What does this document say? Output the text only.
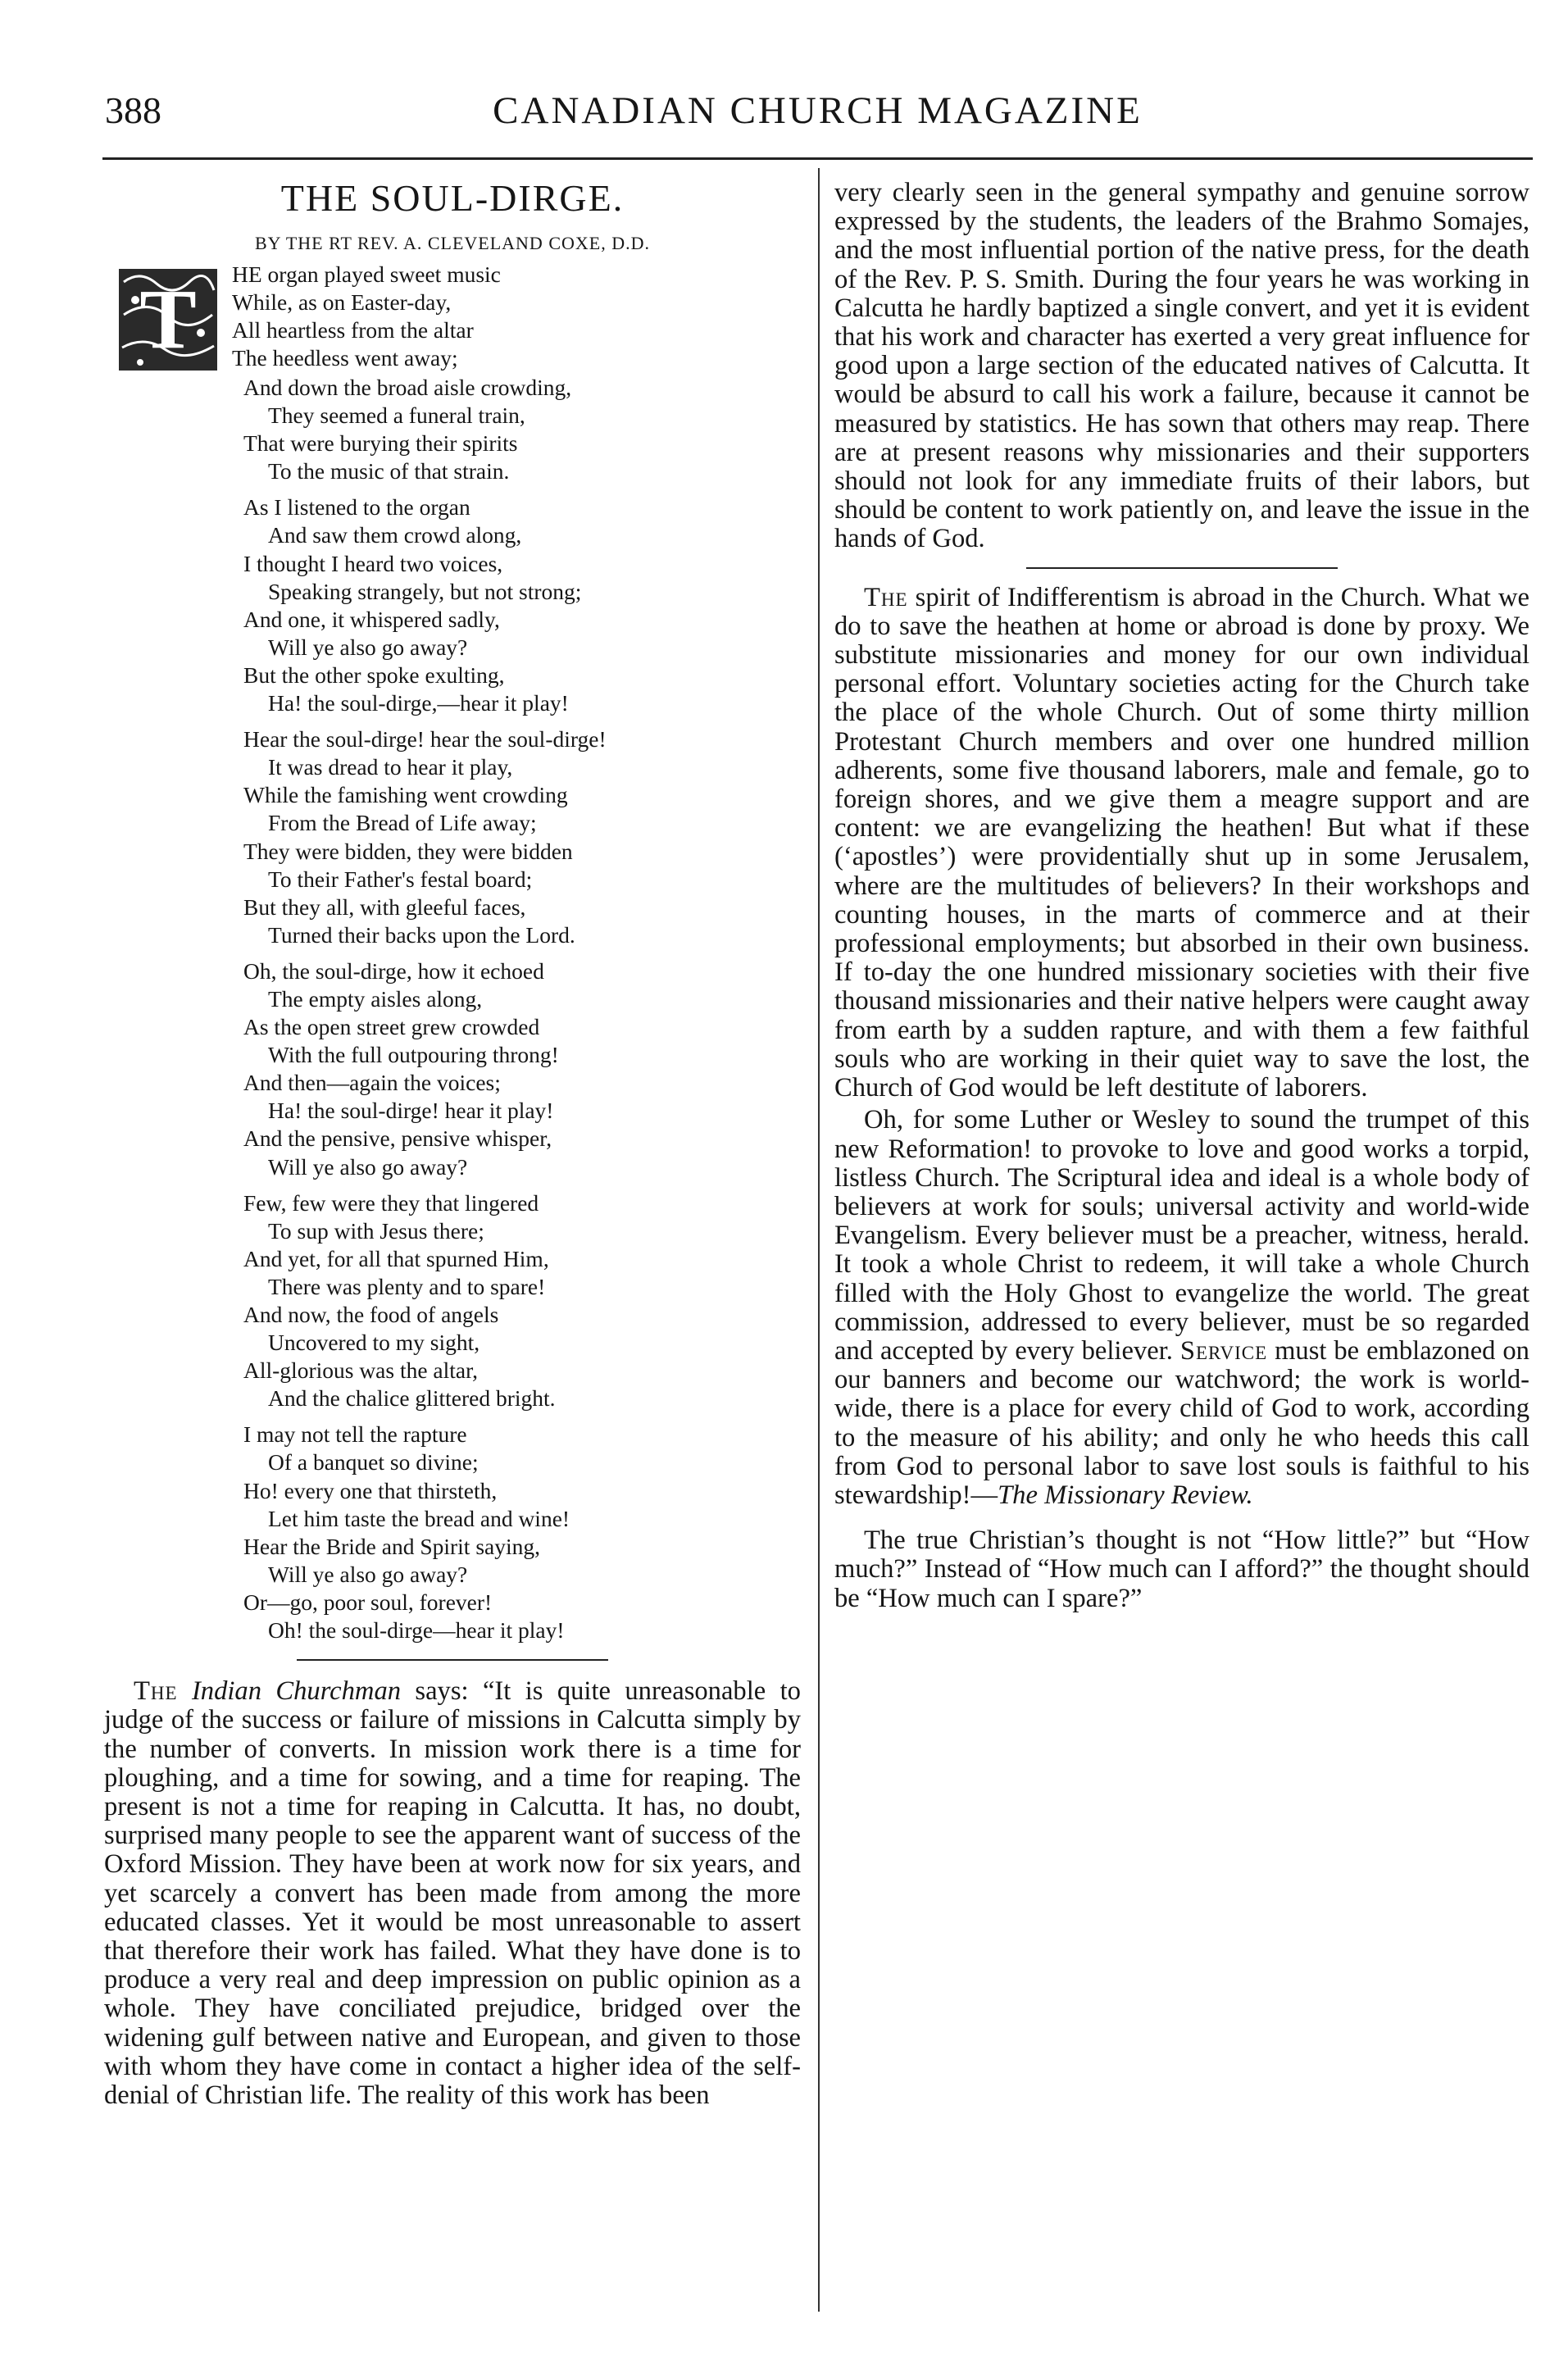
388	CANADIAN CHURCH MAGAZINE
THE SOUL-DIRGE.
BY THE RT REV. A. CLEVELAND COXE, D.D.
T	HE organ played sweet music
While, as on Easter-day,
All heartless from the altar
The heedless went away;
And down the broad aisle crowding,
They seemed a funeral train,
That were burying their spirits
To the music of that strain.
As I listened to the organ
And saw them crowd along,
I thought I heard two voices,
Speaking strangely, but not strong;
And one, it whispered sadly,
Will ye also go away?
But the other spoke exulting,
Ha! the soul-dirge,—hear it play!
Hear the soul-dirge! hear the soul-dirge!
It was dread to hear it play,
While the famishing went crowding
From the Bread of Life away;
They were bidden, they were bidden
To their Father's festal board;
But they all, with gleeful faces,
Turned their backs upon the Lord.
Oh, the soul-dirge, how it echoed
The empty aisles along,
As the open street grew crowded
With the full outpouring throng!
And then—again the voices;
Ha! the soul-dirge! hear it play!
And the pensive, pensive whisper,
Will ye also go away?
Few, few were they that lingered
To sup with Jesus there;
And yet, for all that spurned Him,
There was plenty and to spare!
And now, the food of angels
Uncovered to my sight,
All-glorious was the altar,
And the chalice glittered bright.
I may not tell the rapture
Of a banquet so divine;
Ho! every one that thirsteth,
Let him taste the bread and wine!
Hear the Bride and Spirit saying,
Will ye also go away?
Or—go, poor soul, forever!
Oh! the soul-dirge—hear it play!

The Indian Churchman says: “It is quite unreasonable to judge of the success or failure of missions in Calcutta simply by the number of converts. In mission work there is a time for ploughing, and a time for sowing, and a time for reaping. The present is not a time for reaping in Calcutta. It has, no doubt, surprised many people to see the apparent want of success of the Oxford Mission. They have been at work now for six years, and yet scarcely a convert has been made from among the more educated classes. Yet it would be most unreasonable to assert that therefore their work has failed. What they have done is to produce a very real and deep impression on public opinion as a whole. They have conciliated prejudice, bridged over the widening gulf between native and European, and given to those with whom they have come in contact a higher idea of the self-denial of Christian life. The reality of this work has been

very clearly seen in the general sympathy and genuine sorrow expressed by the students, the leaders of the Brahmo Somajes, and the most influential portion of the native press, for the death of the Rev. P. S. Smith. During the four years he was working in Calcutta he hardly baptized a single convert, and yet it is evident that his work and character has exerted a very great influence for good upon a large section of the educated natives of Calcutta. It would be absurd to call his work a failure, because it cannot be measured by statistics. He has sown that others may reap. There are at present reasons why missionaries and their supporters should not look for any immediate fruits of their labors, but should be content to work patiently on, and leave the issue in the hands of God.

The spirit of Indifferentism is abroad in the Church. What we do to save the heathen at home or abroad is done by proxy. We substitute missionaries and money for our own individual personal effort. Voluntary societies acting for the Church take the place of the whole Church. Out of some thirty million Protestant Church members and over one hundred million adherents, some five thousand laborers, male and female, go to foreign shores, and we give them a meagre support and are content: we are evangelizing the heathen! But what if these (‘apostles’) were providentially shut up in some Jerusalem, where are the multitudes of believers? In their workshops and counting houses, in the marts of commerce and at their professional employments; but absorbed in their own business. If to-day the one hundred missionary societies with their five thousand missionaries and their native helpers were caught away from earth by a sudden rapture, and with them a few faithful souls who are working in their quiet way to save the lost, the Church of God would be left destitute of laborers.

Oh, for some Luther or Wesley to sound the trumpet of this new Reformation! to provoke to love and good works a torpid, listless Church. The Scriptural idea and ideal is a whole body of believers at work for souls; universal activity and world-wide Evangelism. Every believer must be a preacher, witness, herald. It took a whole Christ to redeem, it will take a whole Church filled with the Holy Ghost to evangelize the world. The great commission, addressed to every believer, must be so regarded and accepted by every believer. Service must be emblazoned on our banners and become our watchword; the work is world-wide, there is a place for every child of God to work, according to the measure of his ability; and only he who heeds this call from God to personal labor to save lost souls is faithful to his stewardship!—The Missionary Review.

The true Christian’s thought is not “How little?” but “How much?” Instead of “How much can I afford?” the thought should be “How much can I spare?”
